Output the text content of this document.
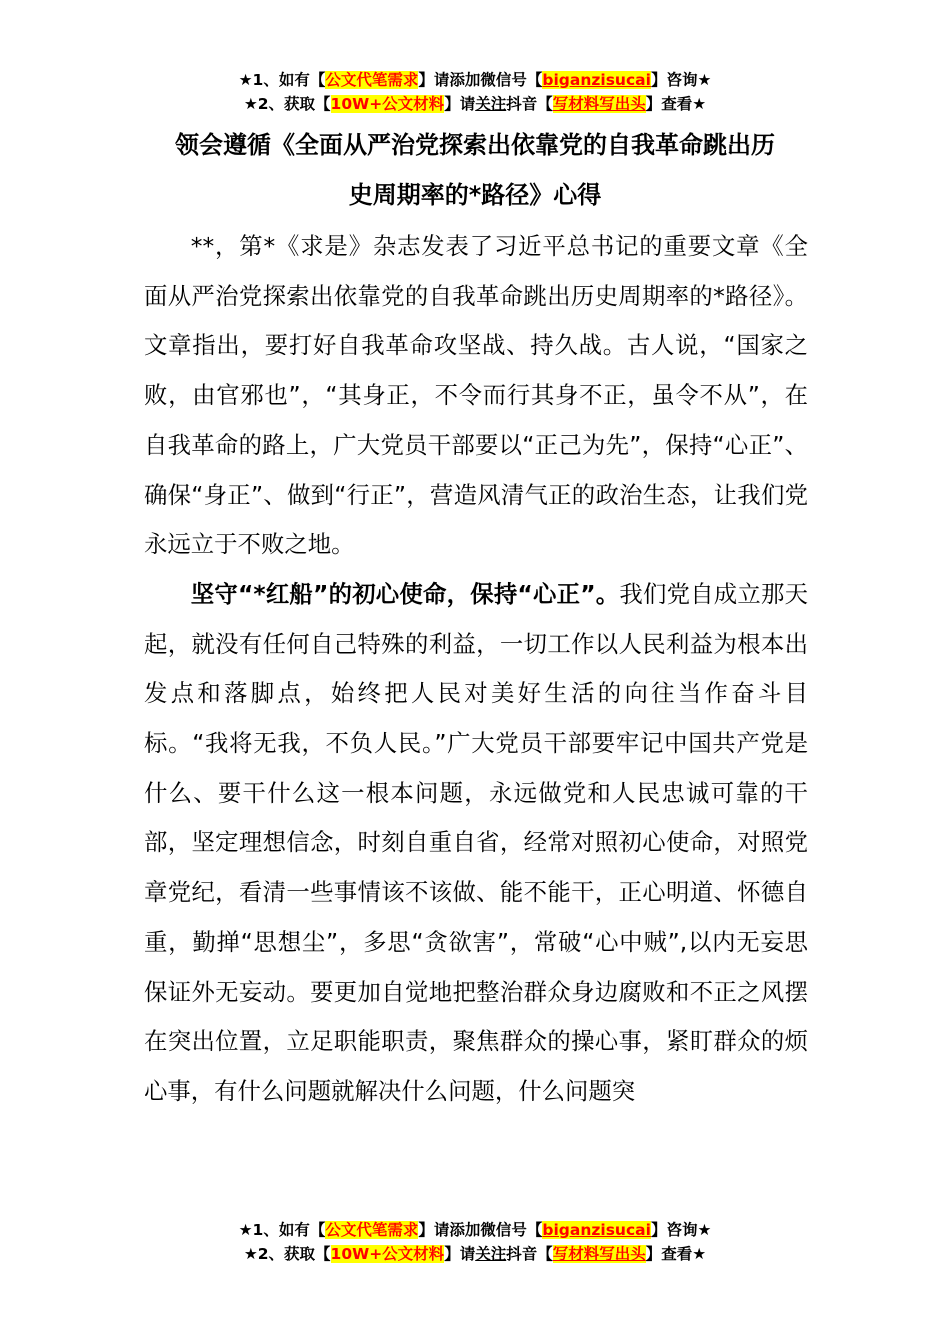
★1、如有【公文代笔需求】请添加微信号【biganzisucai】咨询★
★2、获取【10W+公文材料】请关注抖音【写材料写出头】查看★
领会遵循《全面从严治党探索出依靠党的自我革命跳出历
史周期率的*路径》心得

**，第*《求是》杂志发表了习近平总书记的重要文章《全面从严治党探索出依靠党的自我革命跳出历史周期率的*路径》。文章指出，要打好自我革命攻坚战、持久战。古人说，“国家之败，由官邪也”，“其身正，不令而行其身不正，虽令不从”，在自我革命的路上，广大党员干部要以“正己为先”，保持“心正”、确保“身正”、做到“行正”，营造风清气正的政治生态，让我们党永远立于不败之地。

坚守“*红船”的初心使命，保持“心正”。我们党自成立那天起，就没有任何自己特殊的利益，一切工作以人民利益为根本出发点和落脚点，始终把人民对美好生活的向往当作奋斗目标。“我将无我，不负人民。”广大党员干部要牢记中国共产党是什么、要干什么这一根本问题，永远做党和人民忠诚可靠的干部，坚定理想信念，时刻自重自省，经常对照初心使命，对照党章党纪，看清一些事情该不该做、能不能干，正心明道、怀德自重，勤掸“思想尘”，多思“贪欲害”，常破“心中贼”,以内无妄思保证外无妄动。要更加自觉地把整治群众身边腐败和不正之风摆在突出位置，立足职能职责，聚焦群众的操心事，紧盯群众的烦心事，有什么问题就解决什么问题，什么问题突

★1、如有【公文代笔需求】请添加微信号【biganzisucai】咨询★
★2、获取【10W+公文材料】请关注抖音【写材料写出头】查看★
